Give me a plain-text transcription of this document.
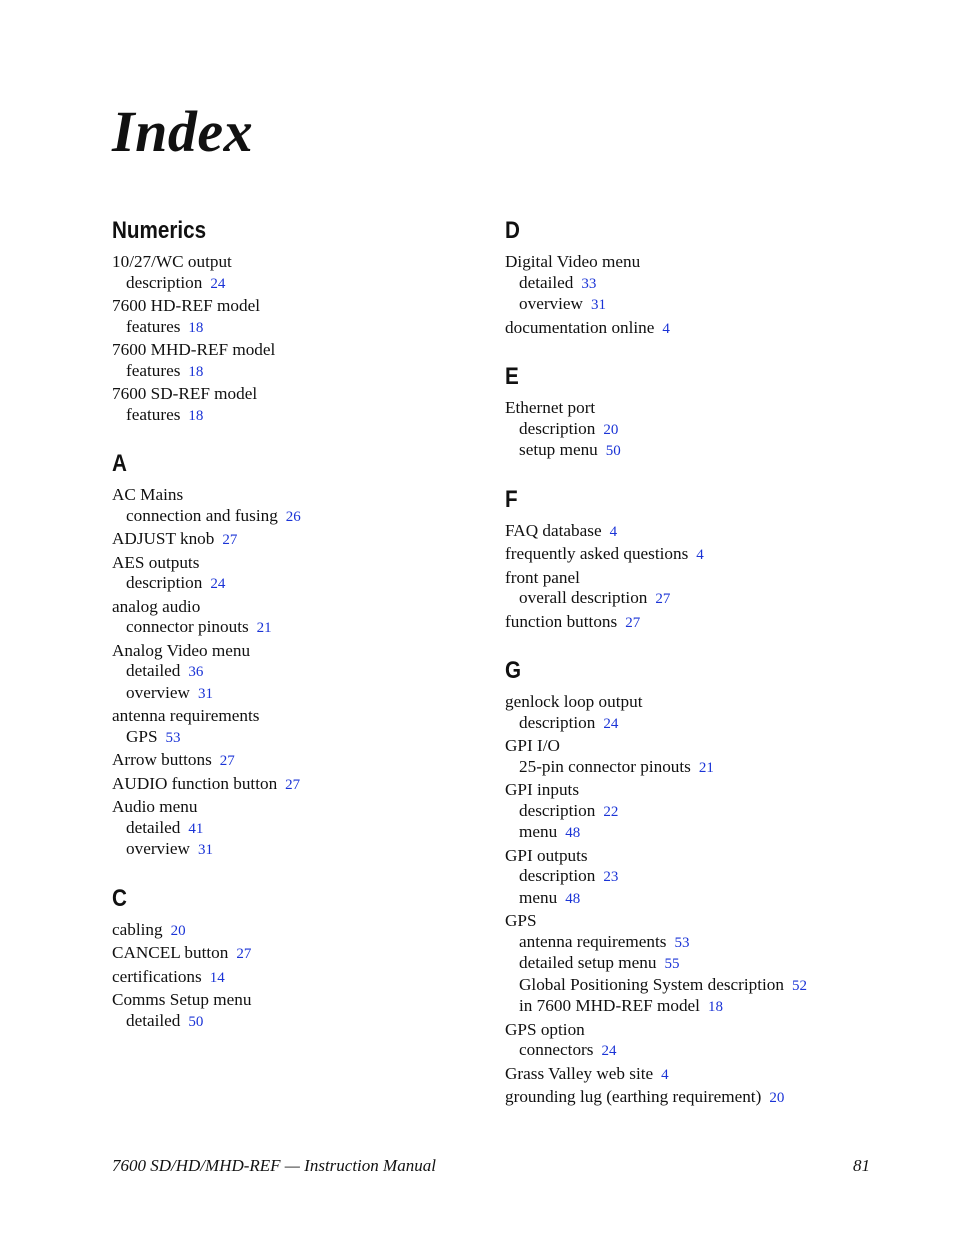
Index
Numerics
10/27/WC output
description 24
7600 HD-REF model
features 18
7600 MHD-REF model
features 18
7600 SD-REF model
features 18
A
AC Mains
connection and fusing 26
ADJUST knob 27
AES outputs
description 24
analog audio
connector pinouts 21
Analog Video menu
detailed 36
overview 31
antenna requirements
GPS 53
Arrow buttons 27
AUDIO function button 27
Audio menu
detailed 41
overview 31
C
cabling 20
CANCEL button 27
certifications 14
Comms Setup menu
detailed 50
D
Digital Video menu
detailed 33
overview 31
documentation online 4
E
Ethernet port
description 20
setup menu 50
F
FAQ database 4
frequently asked questions 4
front panel
overall description 27
function buttons 27
G
genlock loop output
description 24
GPI I/O
25-pin connector pinouts 21
GPI inputs
description 22
menu 48
GPI outputs
description 23
menu 48
GPS
antenna requirements 53
detailed setup menu 55
Global Positioning System description 52
in 7600 MHD-REF model 18
GPS option
connectors 24
Grass Valley web site 4
grounding lug (earthing requirement) 20
7600 SD/HD/MHD-REF — Instruction Manual	81
